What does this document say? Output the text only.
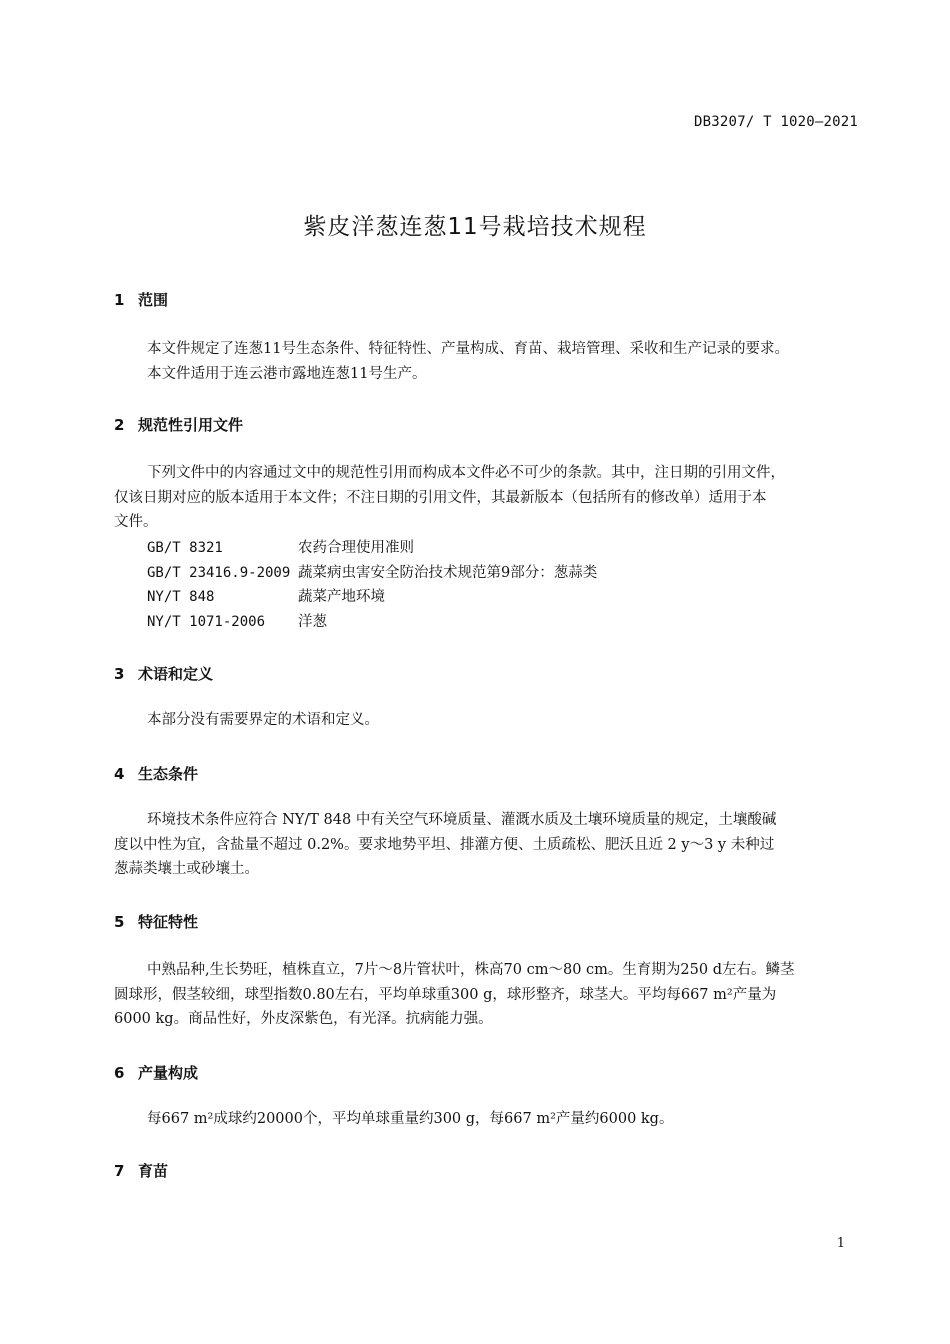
DB3207/ T 1020—2021
紫皮洋葱连葱11号栽培技术规程
1 范围
本文件规定了连葱11号生态条件、特征特性、产量构成、育苗、栽培管理、采收和生产记录的要求。
本文件适用于连云港市露地连葱11号生产。
2 规范性引用文件
下列文件中的内容通过文中的规范性引用而构成本文件必不可少的条款。其中，注日期的引用文件，
仅该日期对应的版本适用于本文件；不注日期的引用文件，其最新版本（包括所有的修改单）适用于本
文件。
GB/T 8321	农药合理使用准则
GB/T 23416.9-2009 蔬菜病虫害安全防治技术规范第9部分：葱蒜类
NY/T 848	蔬菜产地环境
NY/T 1071-2006 洋葱
3 术语和定义
本部分没有需要界定的术语和定义。
4 生态条件
环境技术条件应符合 NY/T 848 中有关空气环境质量、灌溉水质及土壤环境质量的规定，土壤酸碱
度以中性为宜，含盐量不超过 0.2%。要求地势平坦、排灌方便、土质疏松、肥沃且近 2 y～3 y 未种过
葱蒜类壤土或砂壤土。
5 特征特性
中熟品种,生长势旺，植株直立，7片～8片管状叶，株高70 cm～80 cm。生育期为250 d左右。鳞茎
圆球形，假茎较细，球型指数0.80左右，平均单球重300 g，球形整齐，球茎大。平均每667 m²产量为
6000 kg。商品性好，外皮深紫色，有光泽。抗病能力强。
6 产量构成
每667 m²成球约20000个，平均单球重量约300 g，每667 m²产量约6000 kg。
7 育苗
1
